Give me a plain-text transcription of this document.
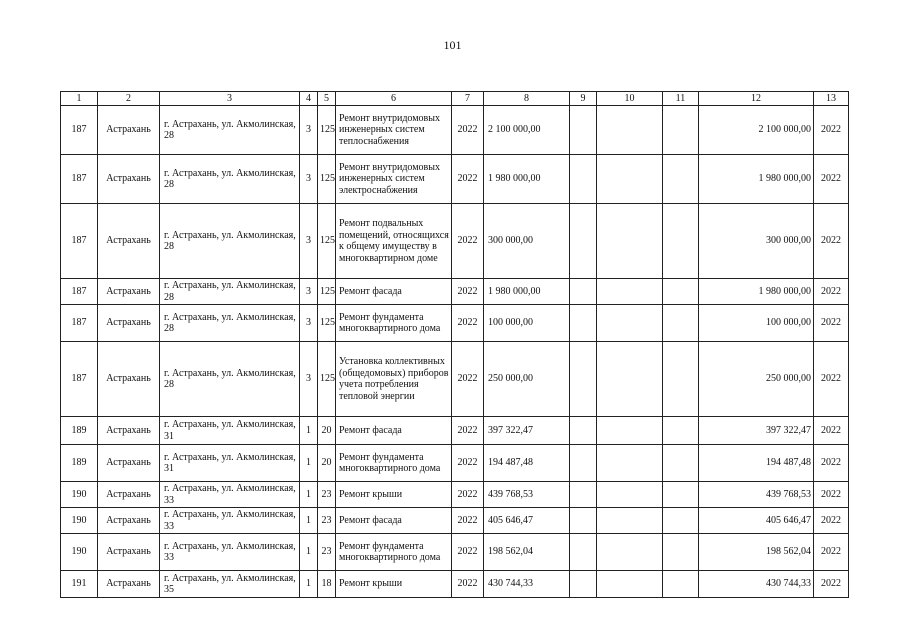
101
1	2	3	4	5	6	7	8	9	10	11	12	13
187	Астрахань	г. Астрахань, ул. Акмолинская, 28	3	125	Ремонт внутридомовых инженерных систем теплоснабжения	2022	2 100 000,00				2 100 000,00	2022
187	Астрахань	г. Астрахань, ул. Акмолинская, 28	3	125	Ремонт внутридомовых инженерных систем электроснабжения	2022	1 980 000,00				1 980 000,00	2022
187	Астрахань	г. Астрахань, ул. Акмолинская, 28	3	125	Ремонт подвальных помещений, относящихся к общему имуществу в многоквартирном доме	2022	300 000,00				300 000,00	2022
187	Астрахань	г. Астрахань, ул. Акмолинская, 28	3	125	Ремонт фасада	2022	1 980 000,00				1 980 000,00	2022
187	Астрахань	г. Астрахань, ул. Акмолинская, 28	3	125	Ремонт фундамента многоквартирного дома	2022	100 000,00				100 000,00	2022
187	Астрахань	г. Астрахань, ул. Акмолинская, 28	3	125	Установка коллективных (общедомовых) приборов учета потребления тепловой энергии	2022	250 000,00				250 000,00	2022
189	Астрахань	г. Астрахань, ул. Акмолинская, 31	1	20	Ремонт фасада	2022	397 322,47				397 322,47	2022
189	Астрахань	г. Астрахань, ул. Акмолинская, 31	1	20	Ремонт фундамента многоквартирного дома	2022	194 487,48				194 487,48	2022
190	Астрахань	г. Астрахань, ул. Акмолинская, 33	1	23	Ремонт крыши	2022	439 768,53				439 768,53	2022
190	Астрахань	г. Астрахань, ул. Акмолинская, 33	1	23	Ремонт фасада	2022	405 646,47				405 646,47	2022
190	Астрахань	г. Астрахань, ул. Акмолинская, 33	1	23	Ремонт фундамента многоквартирного дома	2022	198 562,04				198 562,04	2022
191	Астрахань	г. Астрахань, ул. Акмолинская, 35	1	18	Ремонт крыши	2022	430 744,33				430 744,33	2022
